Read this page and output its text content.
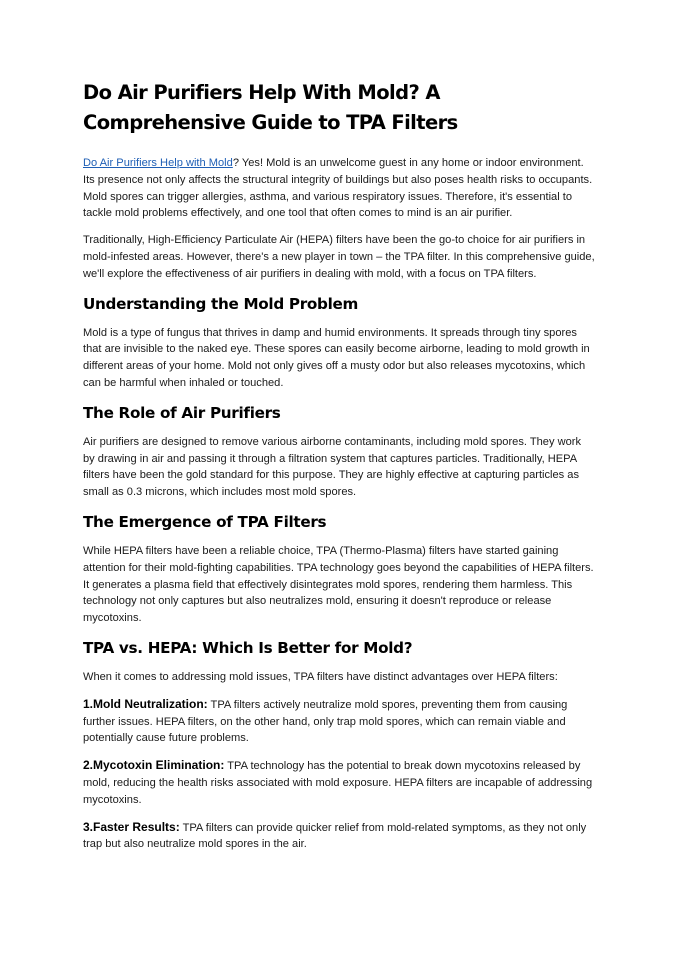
Do Air Purifiers Help With Mold? A Comprehensive Guide to TPA Filters

Do Air Purifiers Help with Mold? Yes! Mold is an unwelcome guest in any home or indoor environment. Its presence not only affects the structural integrity of buildings but also poses health risks to occupants. Mold spores can trigger allergies, asthma, and various respiratory issues. Therefore, it's essential to tackle mold problems effectively, and one tool that often comes to mind is an air purifier.

Traditionally, High-Efficiency Particulate Air (HEPA) filters have been the go-to choice for air purifiers in mold-infested areas. However, there's a new player in town – the TPA filter. In this comprehensive guide, we'll explore the effectiveness of air purifiers in dealing with mold, with a focus on TPA filters.

Understanding the Mold Problem

Mold is a type of fungus that thrives in damp and humid environments. It spreads through tiny spores that are invisible to the naked eye. These spores can easily become airborne, leading to mold growth in different areas of your home. Mold not only gives off a musty odor but also releases mycotoxins, which can be harmful when inhaled or touched.

The Role of Air Purifiers

Air purifiers are designed to remove various airborne contaminants, including mold spores. They work by drawing in air and passing it through a filtration system that captures particles. Traditionally, HEPA filters have been the gold standard for this purpose. They are highly effective at capturing particles as small as 0.3 microns, which includes most mold spores.

The Emergence of TPA Filters

While HEPA filters have been a reliable choice, TPA (Thermo-Plasma) filters have started gaining attention for their mold-fighting capabilities. TPA technology goes beyond the capabilities of HEPA filters. It generates a plasma field that effectively disintegrates mold spores, rendering them harmless. This technology not only captures but also neutralizes mold, ensuring it doesn't reproduce or release mycotoxins.

TPA vs. HEPA: Which Is Better for Mold?

When it comes to addressing mold issues, TPA filters have distinct advantages over HEPA filters:

1.Mold Neutralization: TPA filters actively neutralize mold spores, preventing them from causing further issues. HEPA filters, on the other hand, only trap mold spores, which can remain viable and potentially cause future problems.

2.Mycotoxin Elimination: TPA technology has the potential to break down mycotoxins released by mold, reducing the health risks associated with mold exposure. HEPA filters are incapable of addressing mycotoxins.

3.Faster Results: TPA filters can provide quicker relief from mold-related symptoms, as they not only trap but also neutralize mold spores in the air.
